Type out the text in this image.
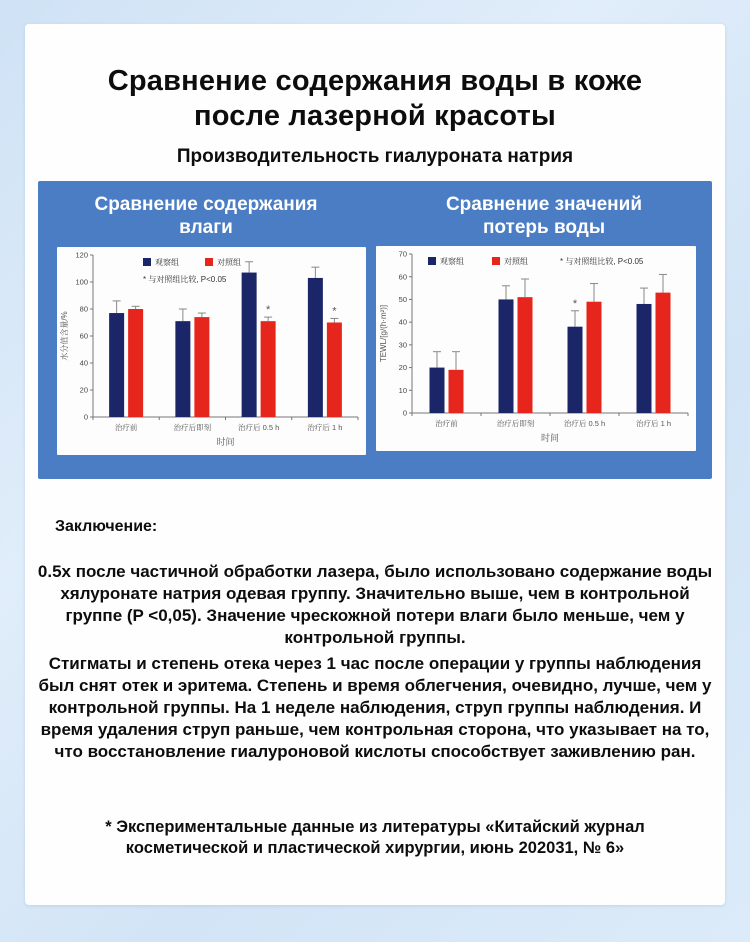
Сравнение содержания воды в коже
после лазерной красоты
Производительность гиалуроната натрия
Сравнение содержания
влаги
Сравнение значений
потерь воды
0
20
40
60
80
100
120
治疗前	治疗后即刻
*
治疗后 0.5 h
*
治疗后 1 h
时间
水分值含量/%
观察组	对照组
* 与对照组比较, P<0.05
0
10
20
30
40
50
60
70
治疗前	治疗后即刻
*
治疗后 0.5 h	治疗后 1 h
时间
TEWL/[g/(h·m²)]
观察组	对照组	* 与对照组比较, P<0.05
Заключение:
0.5x после частичной обработки лазера, было использовано содержание воды хялуронате натрия одевая группу. Значительно выше, чем в контрольной группе (P <0,05). Значение чрескожной потери влаги было меньше, чем у контрольной группы.
Стигматы и степень отека через 1 час после операции у группы наблюдения был снят отек и эритема. Степень и время облегчения, очевидно, лучше, чем у контрольной группы. На 1 неделе наблюдения, струп группы наблюдения. И время удаления струп раньше, чем контрольная сторона, что указывает на то, что восстановление гиалуроновой кислоты способствует заживлению ран.
* Экспериментальные данные из литературы «Китайский журнал косметической и пластической хирургии, июнь 202031, № 6»
